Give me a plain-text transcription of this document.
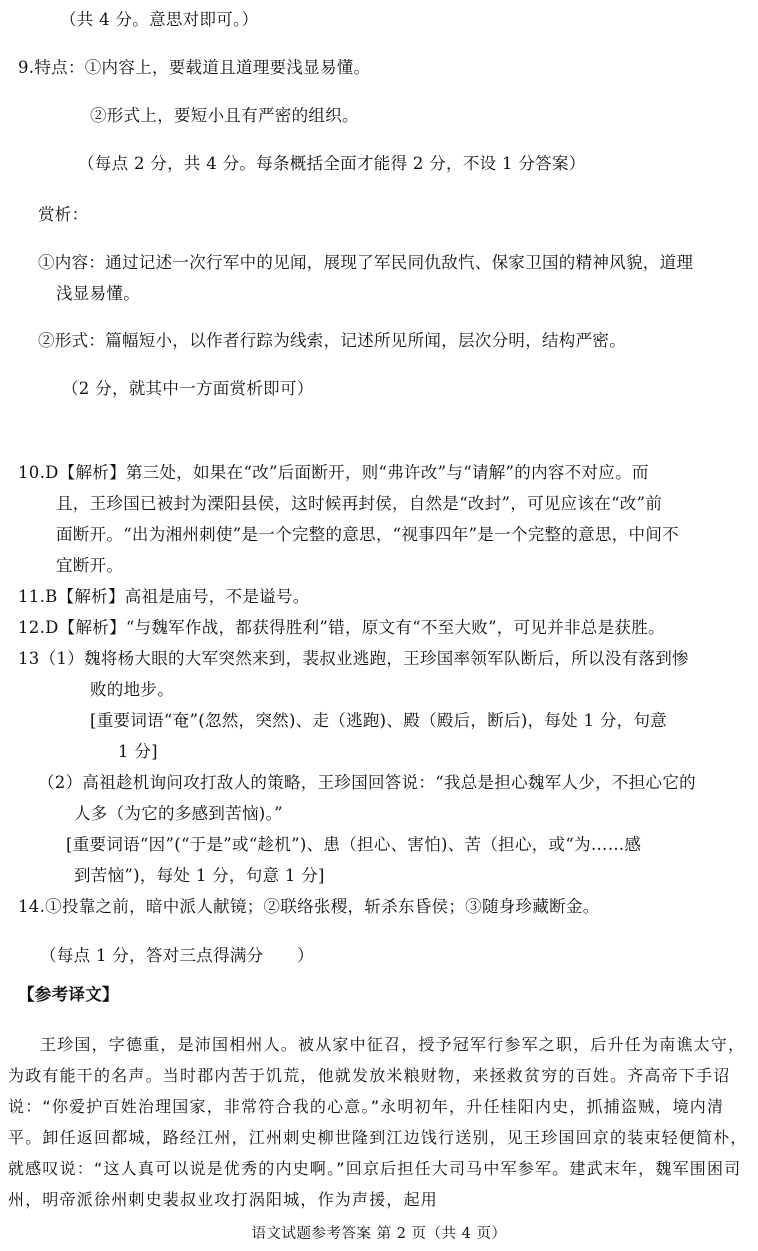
（共 4 分。意思对即可。）
9.特点：①内容上，要载道且道理要浅显易懂。
②形式上，要短小且有严密的组织。
（每点 2 分，共 4 分。每条概括全面才能得 2 分，不设 1 分答案）
赏析：
①内容：通过记述一次行军中的见闻，展现了军民同仇敌忾、保家卫国的精神风貌，道理
浅显易懂。
②形式：篇幅短小，以作者行踪为线索，记述所见所闻，层次分明，结构严密。
（2 分，就其中一方面赏析即可）
10.D【解析】第三处，如果在“改”后面断开，则“弗许改”与“请解”的内容不对应。而
且，王珍国已被封为溧阳县侯，这时候再封侯，自然是“改封”，可见应该在“改”前
面断开。“出为湘州刺使”是一个完整的意思，“视事四年”是一个完整的意思，中间不
宜断开。
11.B【解析】高祖是庙号，不是谥号。
12.D【解析】“与魏军作战，都获得胜利”错，原文有“不至大败”，可见并非总是获胜。
13（1）魏将杨大眼的大军突然来到，裴叔业逃跑，王珍国率领军队断后，所以没有落到惨
败的地步。
[重要词语“奄”(忽然，突然)、走（逃跑)、殿（殿后，断后)，每处 1 分，句意
1 分]
（2）高祖趁机询问攻打敌人的策略，王珍国回答说：“我总是担心魏军人少，不担心它的
人多（为它的多感到苦恼)。”
[重要词语“因”(“于是”或“趁机”)、患（担心、害怕)、苦（担心，或“为……感
到苦恼”)，每处 1 分，句意 1 分]
14.①投靠之前，暗中派人献镜；②联络张稷，斩杀东昏侯；③随身珍藏断金。
（每点 1 分，答对三点得满分　　）
【参考译文】
王珍国，字德重，是沛国相州人。被从家中征召，授予冠军行参军之职，后升任为南谯太守，为政有能干的名声。当时郡内苦于饥荒，他就发放米粮财物，来拯救贫穷的百姓。齐高帝下手诏说：“你爱护百姓治理国家，非常符合我的心意。”永明初年，升任桂阳内史，抓捕盗贼，境内清平。卸任返回都城，路经江州，江州刺史柳世隆到江边饯行送别，见王珍国回京的装束轻便简朴，就感叹说：“这人真可以说是优秀的内史啊。”回京后担任大司马中军参军。建武末年，魏军围困司州，明帝派徐州刺史裴叔业攻打涡阳城，作为声援，起用
语文试题参考答案 第 2 页（共 4 页）
